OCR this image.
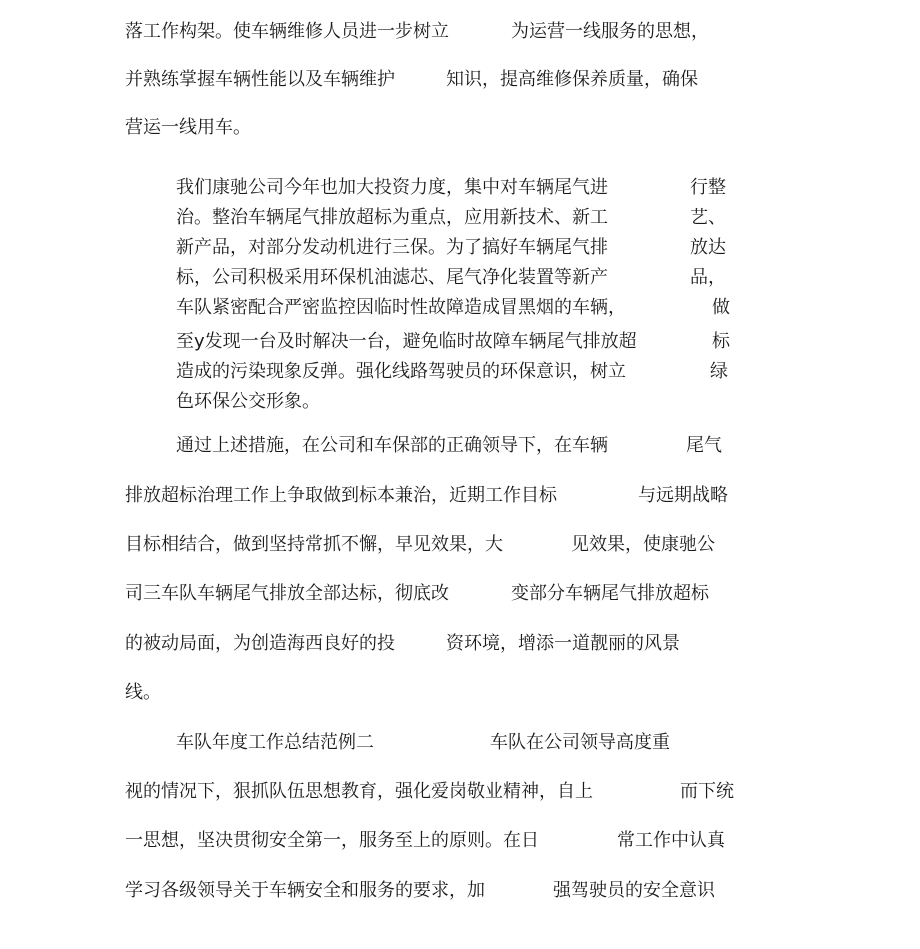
落工作构架。使车辆维修人员进一步树立

	为运营一线服务的思想，

并熟练掌握车辆性能以及车辆维护

	知识，提高维修保养质量，确保

营运一线用车。

我们康驰公司今年也加大投资力度，集中对车辆尾气进

	行整

治。整治车辆尾气排放超标为重点，应用新技术、新工

	艺、

新产品，对部分发动机进行三保。为了搞好车辆尾气排

	放达

标，公司积极采用环保机油滤芯、尾气净化装置等新产

	品，

车队紧密配合严密监控因临时性故障造成冒黑烟的车辆，

	做

至y发现一台及时解决一台，避免临时故障车辆尾气排放超

	标

造成的污染现象反弹。强化线路驾驶员的环保意识，树立

	绿

色环保公交形象。

通过上述措施，在公司和车保部的正确领导下，在车辆

	尾气

排放超标治理工作上争取做到标本兼治，近期工作目标

	与远期战略

目标相结合，做到坚持常抓不懈，早见效果，大

	见效果，使康驰公

司三车队车辆尾气排放全部达标，彻底改

	变部分车辆尾气排放超标

的被动局面，为创造海西良好的投

	资环境，增添一道靓丽的风景

线。

车队年度工作总结范例二

	车队在公司领导高度重

视的情况下，狠抓队伍思想教育，强化爱岗敬业精神，自上

	而下统

一思想，坚决贯彻安全第一，服务至上的原则。在日

	常工作中认真

学习各级领导关于车辆安全和服务的要求，加

	强驾驶员的安全意识
